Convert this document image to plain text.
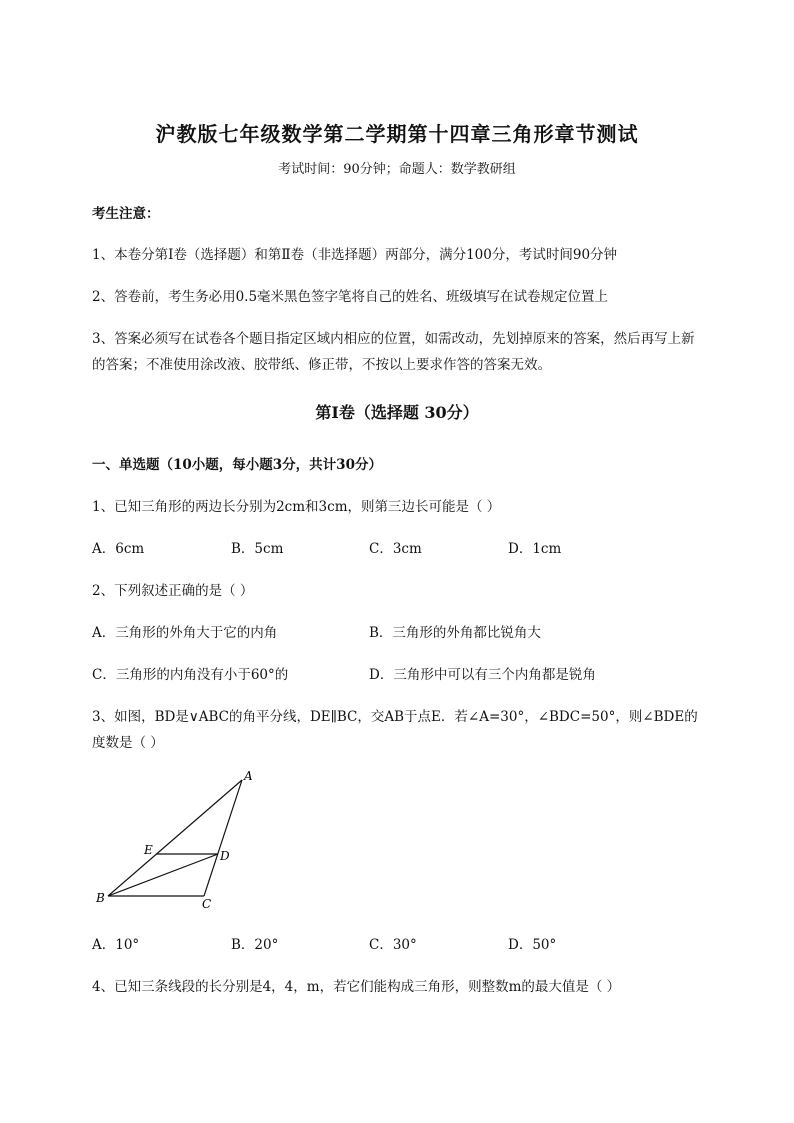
沪教版七年级数学第二学期第十四章三角形章节测试
考试时间：90分钟；命题人：数学教研组
考生注意：
1、本卷分第Ⅰ卷（选择题）和第Ⅱ卷（非选择题）两部分，满分100分，考试时间90分钟
2、答卷前，考生务必用0.5毫米黑色签字笔将自己的姓名、班级填写在试卷规定位置上
3、答案必须写在试卷各个题目指定区域内相应的位置，如需改动，先划掉原来的答案，然后再写上新
的答案；不准使用涂改液、胶带纸、修正带，不按以上要求作答的答案无效。
第Ⅰ卷（选择题 30分）
一、单选题（10小题，每小题3分，共计30分）
1、已知三角形的两边长分别为2cm和3cm，则第三边长可能是（ ）
A．6cm	B．5cm	C．3cm	D．1cm
2、下列叙述正确的是（ ）
A．三角形的外角大于它的内角	B．三角形的外角都比锐角大
C．三角形的内角没有小于60°的	D．三角形中可以有三个内角都是锐角
3、如图，BD是∨ABC的角平分线，DE∥BC，交AB于点E．若∠A=30°，∠BDC=50°，则∠BDE的
度数是（ ）
A
E	D
B	C
A．10°	B．20°	C．30°	D．50°
4、已知三条线段的长分别是4，4，m，若它们能构成三角形，则整数m的最大值是（ ）
